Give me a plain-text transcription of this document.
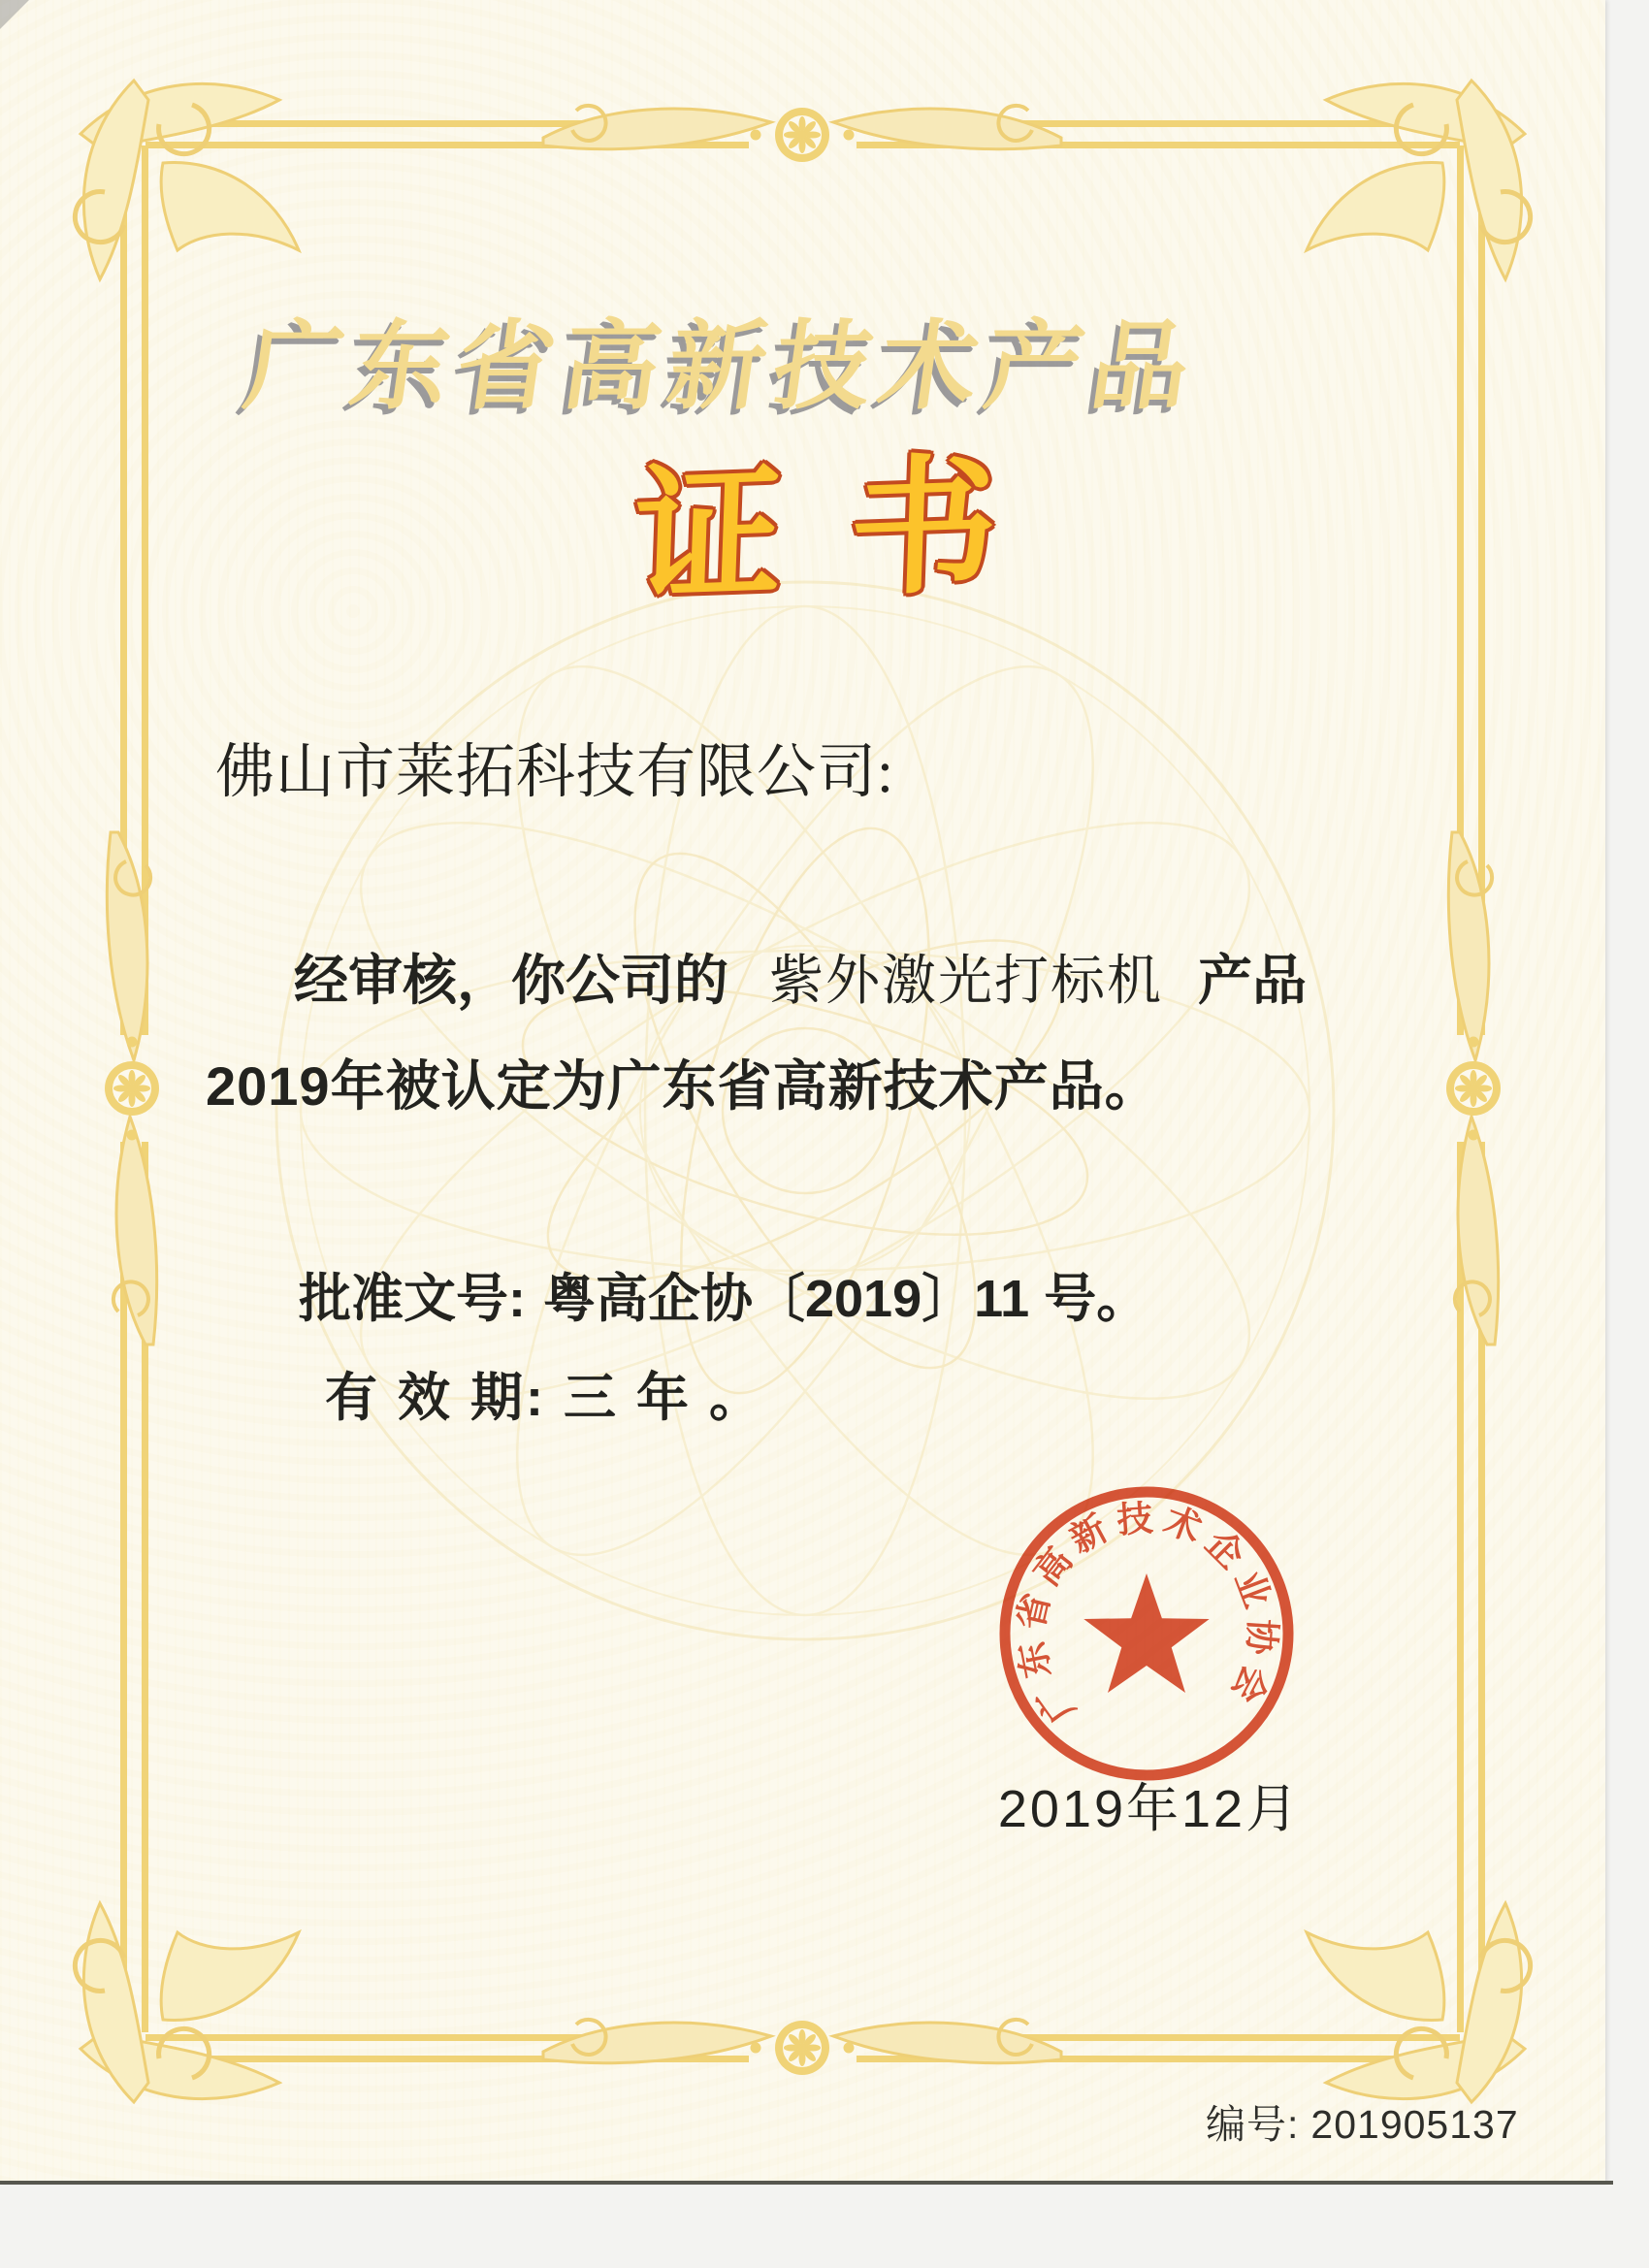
广东省高新技术产品
证书
佛山市莱拓科技有限公司:
经审核，你公司的 紫外激光打标机 产品
2019年被认定为广东省高新技术产品。
批准文号: 粤高企协〔2019〕11 号。
有 效 期: 三 年 。
广东省高新技术企业协会
2019年12月
编号: 201905137
